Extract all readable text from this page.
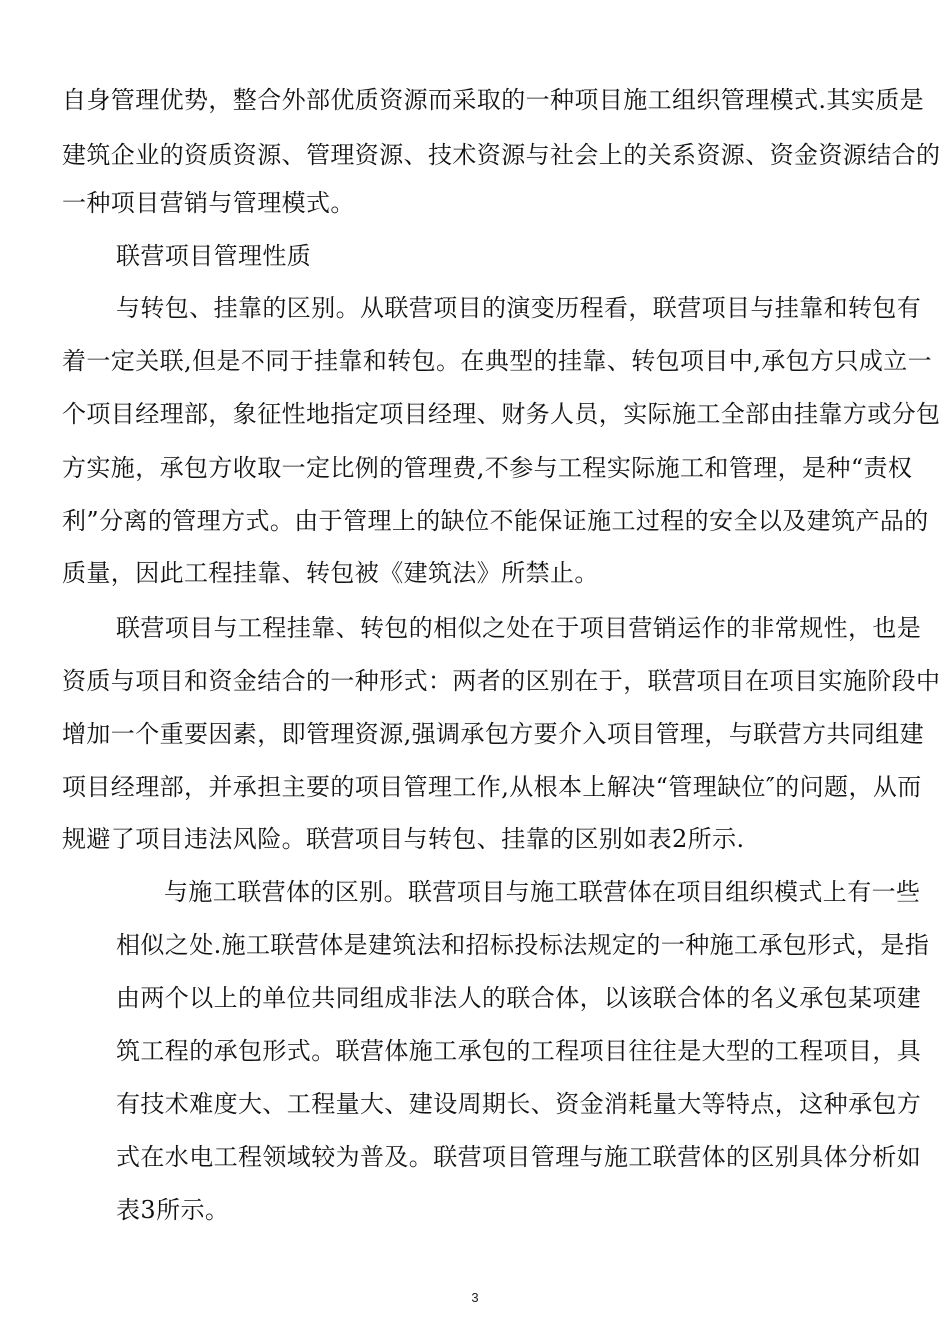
自身管理优势，整合外部优质资源而采取的一种项目施工组织管理模式.其实质是
建筑企业的资质资源、管理资源、技术资源与社会上的关系资源、资金资源结合的
一种项目营销与管理模式。
联营项目管理性质
与转包、挂靠的区别。从联营项目的演变历程看，联营项目与挂靠和转包有
着一定关联,但是不同于挂靠和转包。在典型的挂靠、转包项目中,承包方只成立一
个项目经理部，象征性地指定项目经理、财务人员，实际施工全部由挂靠方或分包
方实施，承包方收取一定比例的管理费,不参与工程实际施工和管理，是种“责权
利”分离的管理方式。由于管理上的缺位不能保证施工过程的安全以及建筑产品的
质量，因此工程挂靠、转包被《建筑法》所禁止。
联营项目与工程挂靠、转包的相似之处在于项目营销运作的非常规性，也是
资质与项目和资金结合的一种形式：两者的区别在于，联营项目在项目实施阶段中
增加一个重要因素，即管理资源,强调承包方要介入项目管理，与联营方共同组建
项目经理部，并承担主要的项目管理工作,从根本上解决“管理缺位″的问题，从而
规避了项目违法风险。联营项目与转包、挂靠的区别如表2所示.
与施工联营体的区别。联营项目与施工联营体在项目组织模式上有一些
相似之处.施工联营体是建筑法和招标投标法规定的一种施工承包形式，是指
由两个以上的单位共同组成非法人的联合体，以该联合体的名义承包某项建
筑工程的承包形式。联营体施工承包的工程项目往往是大型的工程项目，具
有技术难度大、工程量大、建设周期长、资金消耗量大等特点，这种承包方
式在水电工程领域较为普及。联营项目管理与施工联营体的区别具体分析如
表3所示。
3
